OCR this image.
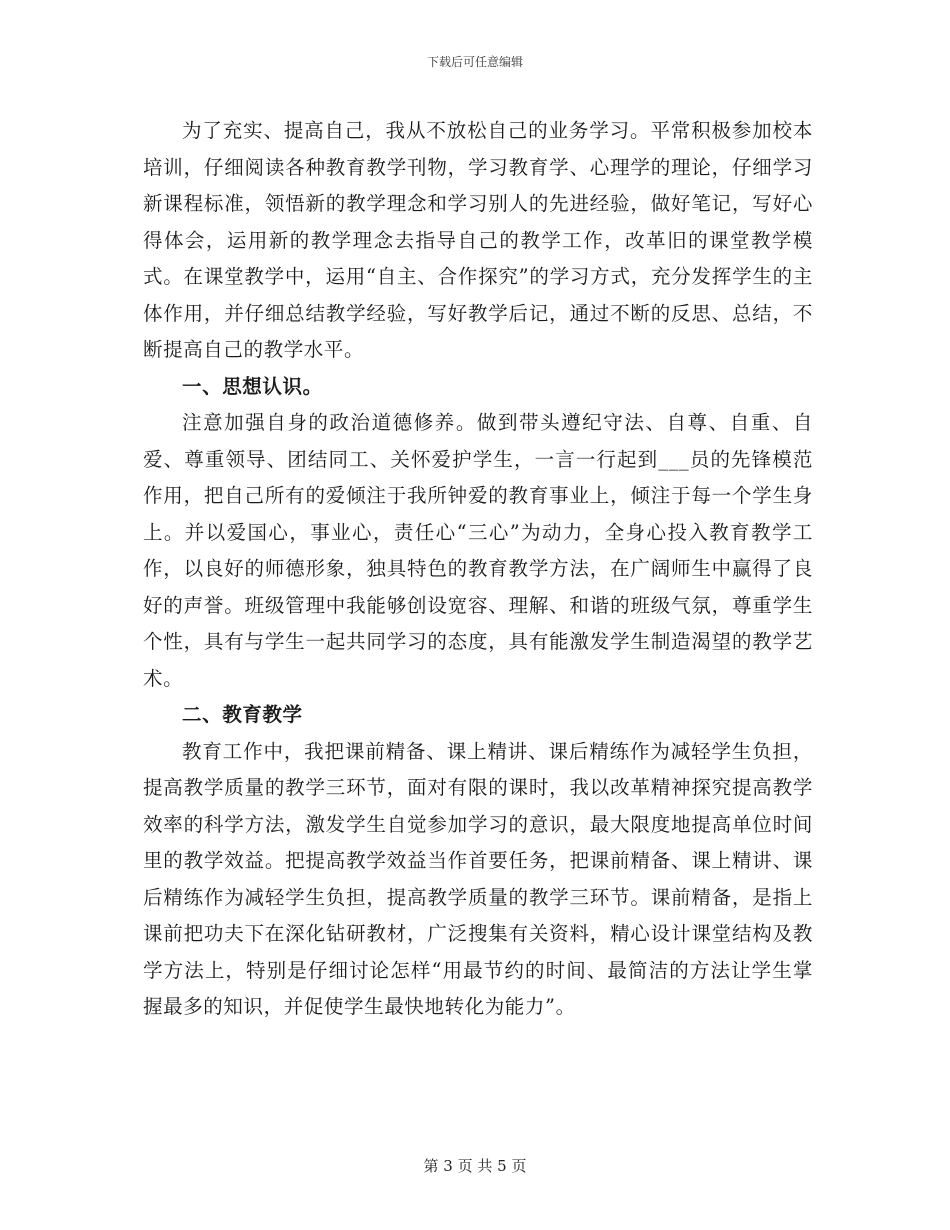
下载后可任意编辑

为了充实、提高自己，我从不放松自己的业务学习。平常积极参加校本培训，仔细阅读各种教育教学刊物，学习教育学、心理学的理论，仔细学习新课程标准，领悟新的教学理念和学习别人的先进经验，做好笔记，写好心得体会，运用新的教学理念去指导自己的教学工作，改革旧的课堂教学模式。在课堂教学中，运用“自主、合作探究”的学习方式，充分发挥学生的主体作用，并仔细总结教学经验，写好教学后记，通过不断的反思、总结，不断提高自己的教学水平。

一、思想认识。

注意加强自身的政治道德修养。做到带头遵纪守法、自尊、自重、自爱、尊重领导、团结同工、关怀爱护学生，一言一行起到___员的先锋模范作用，把自己所有的爱倾注于我所钟爱的教育事业上，倾注于每一个学生身上。并以爱国心，事业心，责任心“三心”为动力，全身心投入教育教学工作，以良好的师德形象，独具特色的教育教学方法，在广阔师生中赢得了良好的声誉。班级管理中我能够创设宽容、理解、和谐的班级气氛，尊重学生个性，具有与学生一起共同学习的态度，具有能激发学生制造渴望的教学艺术。

二、教育教学

教育工作中，我把课前精备、课上精讲、课后精练作为减轻学生负担，提高教学质量的教学三环节，面对有限的课时，我以改革精神探究提高教学效率的科学方法，激发学生自觉参加学习的意识，最大限度地提高单位时间里的教学效益。把提高教学效益当作首要任务，把课前精备、课上精讲、课后精练作为减轻学生负担，提高教学质量的教学三环节。课前精备，是指上课前把功夫下在深化钻研教材，广泛搜集有关资料，精心设计课堂结构及教学方法上，特别是仔细讨论怎样“用最节约的时间、最简洁的方法让学生掌握最多的知识，并促使学生最快地转化为能力”。

第 3 页 共 5 页
